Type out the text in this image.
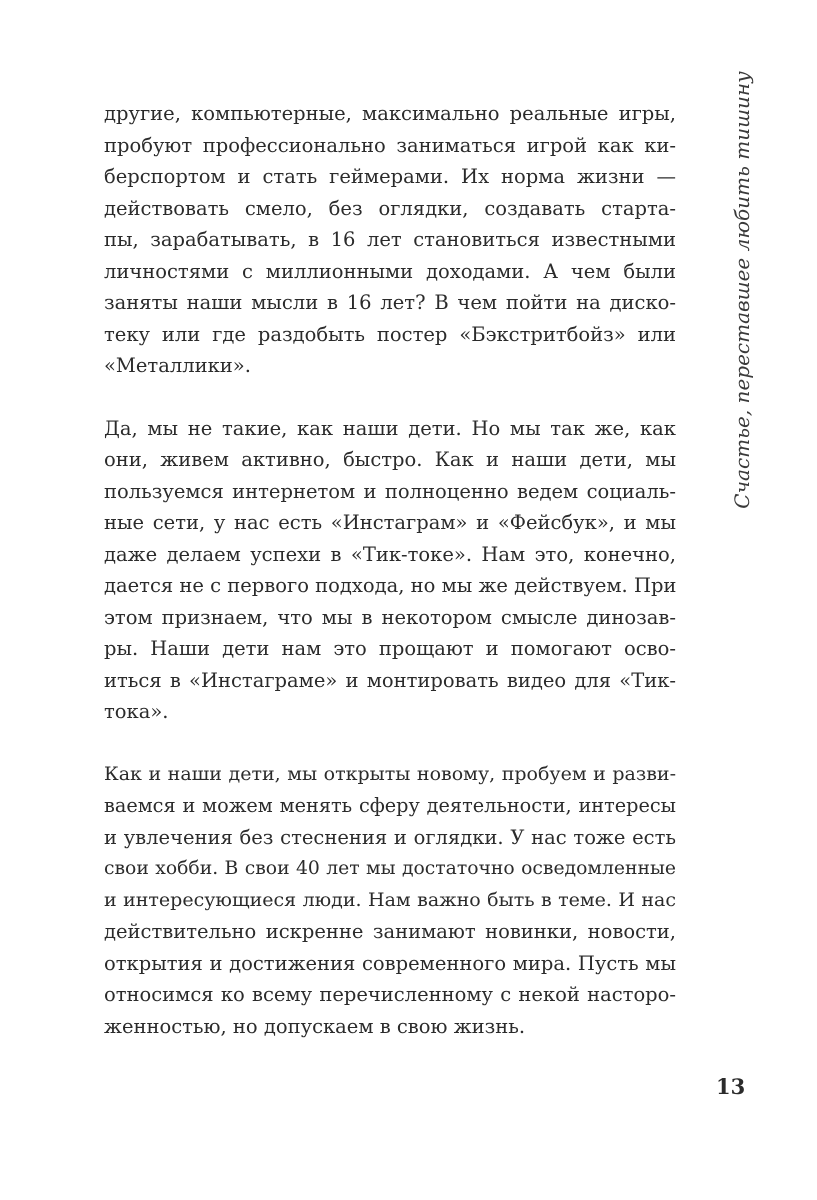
Счастье, переставшее любить тишину
другие, компьютерные, максимально реальные игры,
пробуют профессионально заниматься игрой как ки-
берспортом и стать геймерами. Их норма жизни —
действовать смело, без оглядки, создавать старта-
пы, зарабатывать, в 16 лет становиться известными
личностями с миллионными доходами. А чем были
заняты наши мысли в 16 лет? В чем пойти на диско-
теку или где раздобыть постер «Бэкстритбойз» или
«Металлики».
Да, мы не такие, как наши дети. Но мы так же, как
они, живем активно, быстро. Как и наши дети, мы
пользуемся интернетом и полноценно ведем социаль-
ные сети, у нас есть «Инстаграм» и «Фейсбук», и мы
даже делаем успехи в «Тик-токе». Нам это, конечно,
дается не с первого подхода, но мы же действуем. При
этом признаем, что мы в некотором смысле динозав-
ры. Наши дети нам это прощают и помогают осво-
иться в «Инстаграме» и монтировать видео для «Тик-
тока».
Как и наши дети, мы открыты новому, пробуем и разви-
ваемся и можем менять сферу деятельности, интересы
и увлечения без стеснения и оглядки. У нас тоже есть
свои хобби. В свои 40 лет мы достаточно осведомленные
и интересующиеся люди. Нам важно быть в теме. И нас
действительно искренне занимают новинки, новости,
открытия и достижения современного мира. Пусть мы
относимся ко всему перечисленному с некой насторо-
женностью, но допускаем в свою жизнь.
13
